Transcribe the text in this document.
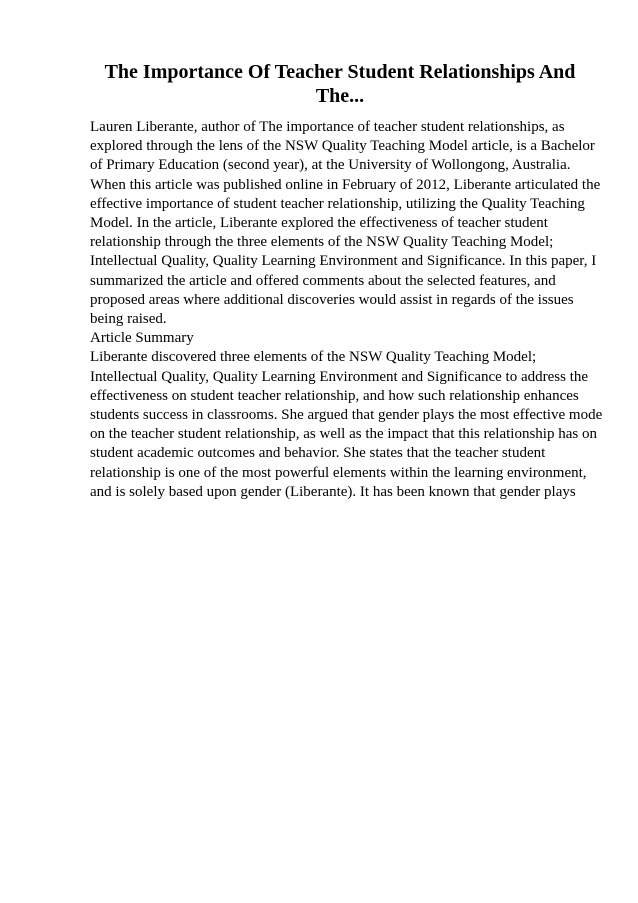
The Importance Of Teacher Student Relationships And
The...
Lauren Liberante, author of The importance of teacher student relationships, as
explored through the lens of the NSW Quality Teaching Model article, is a Bachelor
of Primary Education (second year), at the University of Wollongong, Australia.
When this article was published online in February of 2012, Liberante articulated the
effective importance of student teacher relationship, utilizing the Quality Teaching
Model. In the article, Liberante explored the effectiveness of teacher student
relationship through the three elements of the NSW Quality Teaching Model;
Intellectual Quality, Quality Learning Environment and Significance. In this paper, I
summarized the article and offered comments about the selected features, and
proposed areas where additional discoveries would assist in regards of the issues
being raised.
Article Summary
Liberante discovered three elements of the NSW Quality Teaching Model;
Intellectual Quality, Quality Learning Environment and Significance to address the
effectiveness on student teacher relationship, and how such relationship enhances
students success in classrooms. She argued that gender plays the most effective mode
on the teacher student relationship, as well as the impact that this relationship has on
student academic outcomes and behavior. She states that the teacher student
relationship is one of the most powerful elements within the learning environment,
and is solely based upon gender (Liberante). It has been known that gender plays
